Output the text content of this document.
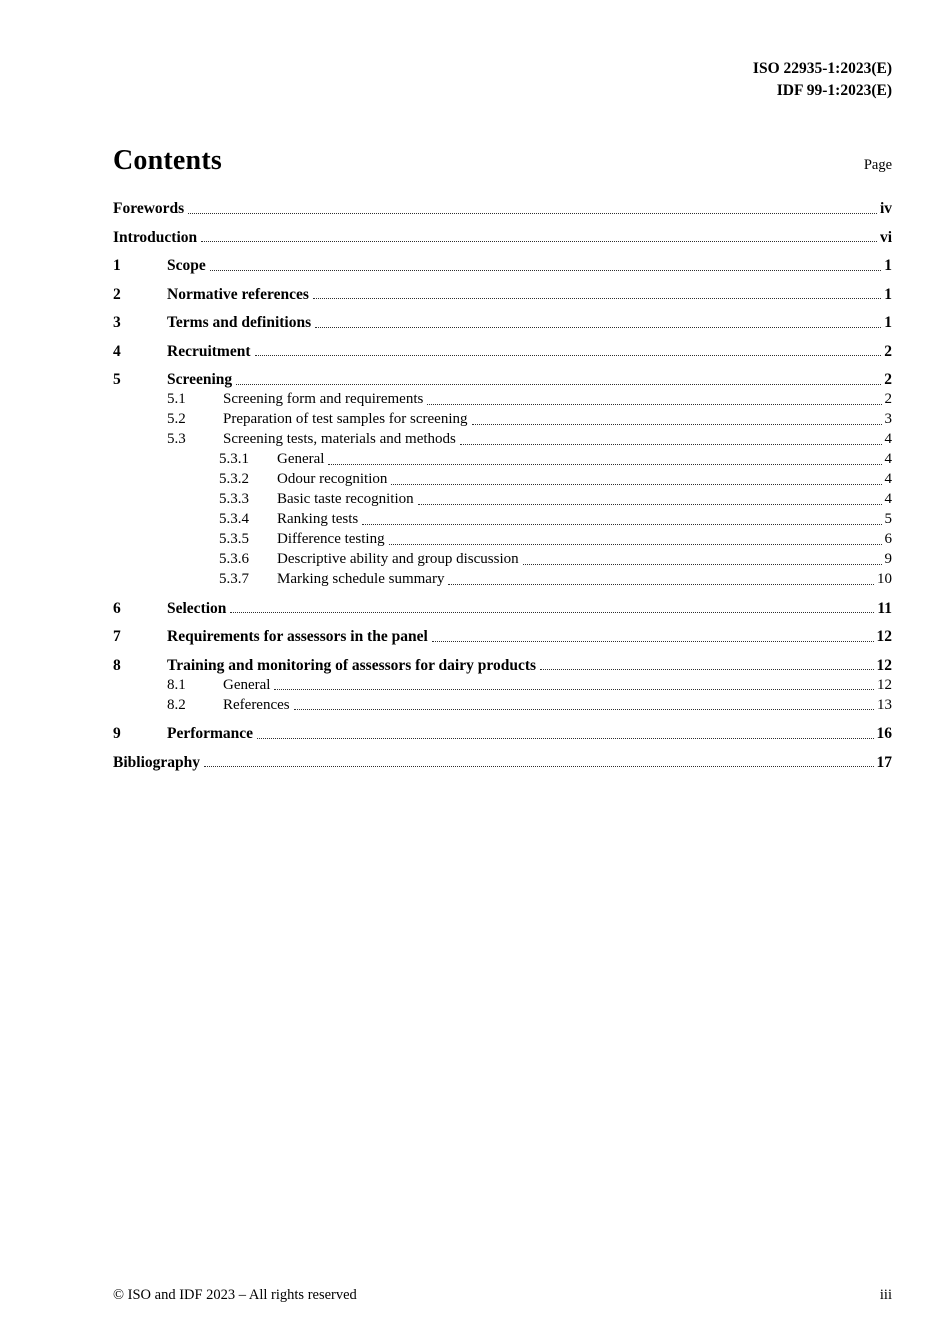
ISO 22935-1:2023(E)
IDF 99-1:2023(E)
Contents	Page
Forewords	iv
Introduction	vi
1	Scope	1
2	Normative references	1
3	Terms and definitions	1
4	Recruitment	2
5	Screening	2
5.1	Screening form and requirements	2
5.2	Preparation of test samples for screening	3
5.3	Screening tests, materials and methods	4
5.3.1	General	4
5.3.2	Odour recognition	4
5.3.3	Basic taste recognition	4
5.3.4	Ranking tests	5
5.3.5	Difference testing	6
5.3.6	Descriptive ability and group discussion	9
5.3.7	Marking schedule summary	10
6	Selection	11
7	Requirements for assessors in the panel	12
8	Training and monitoring of assessors for dairy products	12
8.1	General	12
8.2	References	13
9	Performance	16
Bibliography	17
© ISO and IDF 2023 – All rights reserved	iii
